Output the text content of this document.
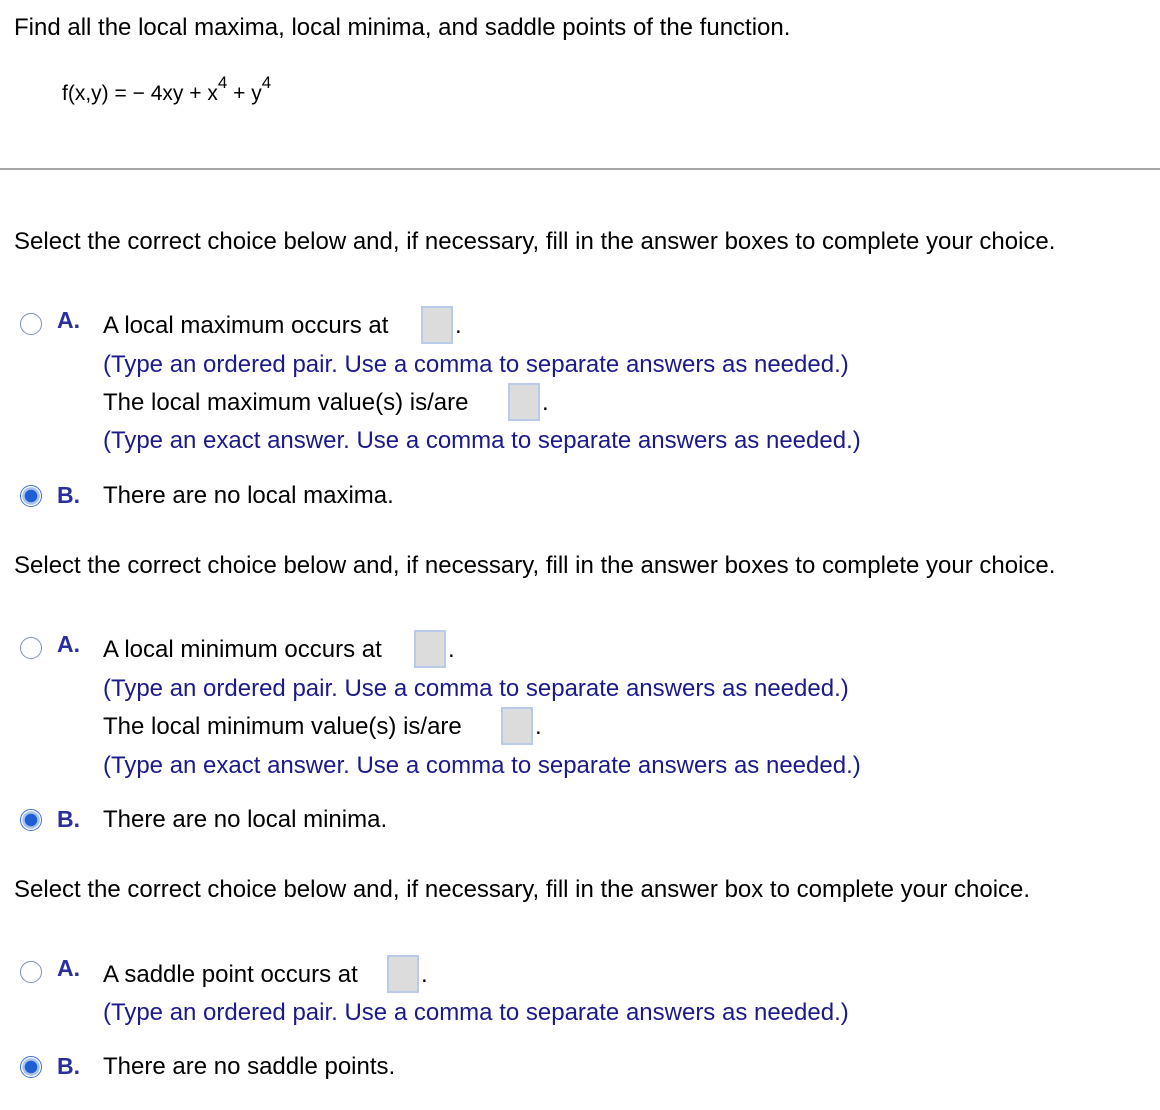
Find all the local maxima, local minima, and saddle points of the function.
f(x,y) = − $4xy + x^4 + y^4$
Select the correct choice below and, if necessary, fill in the answer boxes to complete your choice.
A. A local maximum occurs at	.
(Type an ordered pair. Use a comma to separate answers as needed.)
The local maximum value(s) is/are	.
(Type an exact answer. Use a comma to separate answers as needed.)
B. There are no local maxima.
Select the correct choice below and, if necessary, fill in the answer boxes to complete your choice.
A. A local minimum occurs at	.
(Type an ordered pair. Use a comma to separate answers as needed.)
The local minimum value(s) is/are	.
(Type an exact answer. Use a comma to separate answers as needed.)
B. There are no local minima.
Select the correct choice below and, if necessary, fill in the answer box to complete your choice.
A. A saddle point occurs at	.
(Type an ordered pair. Use a comma to separate answers as needed.)
B. There are no saddle points.
